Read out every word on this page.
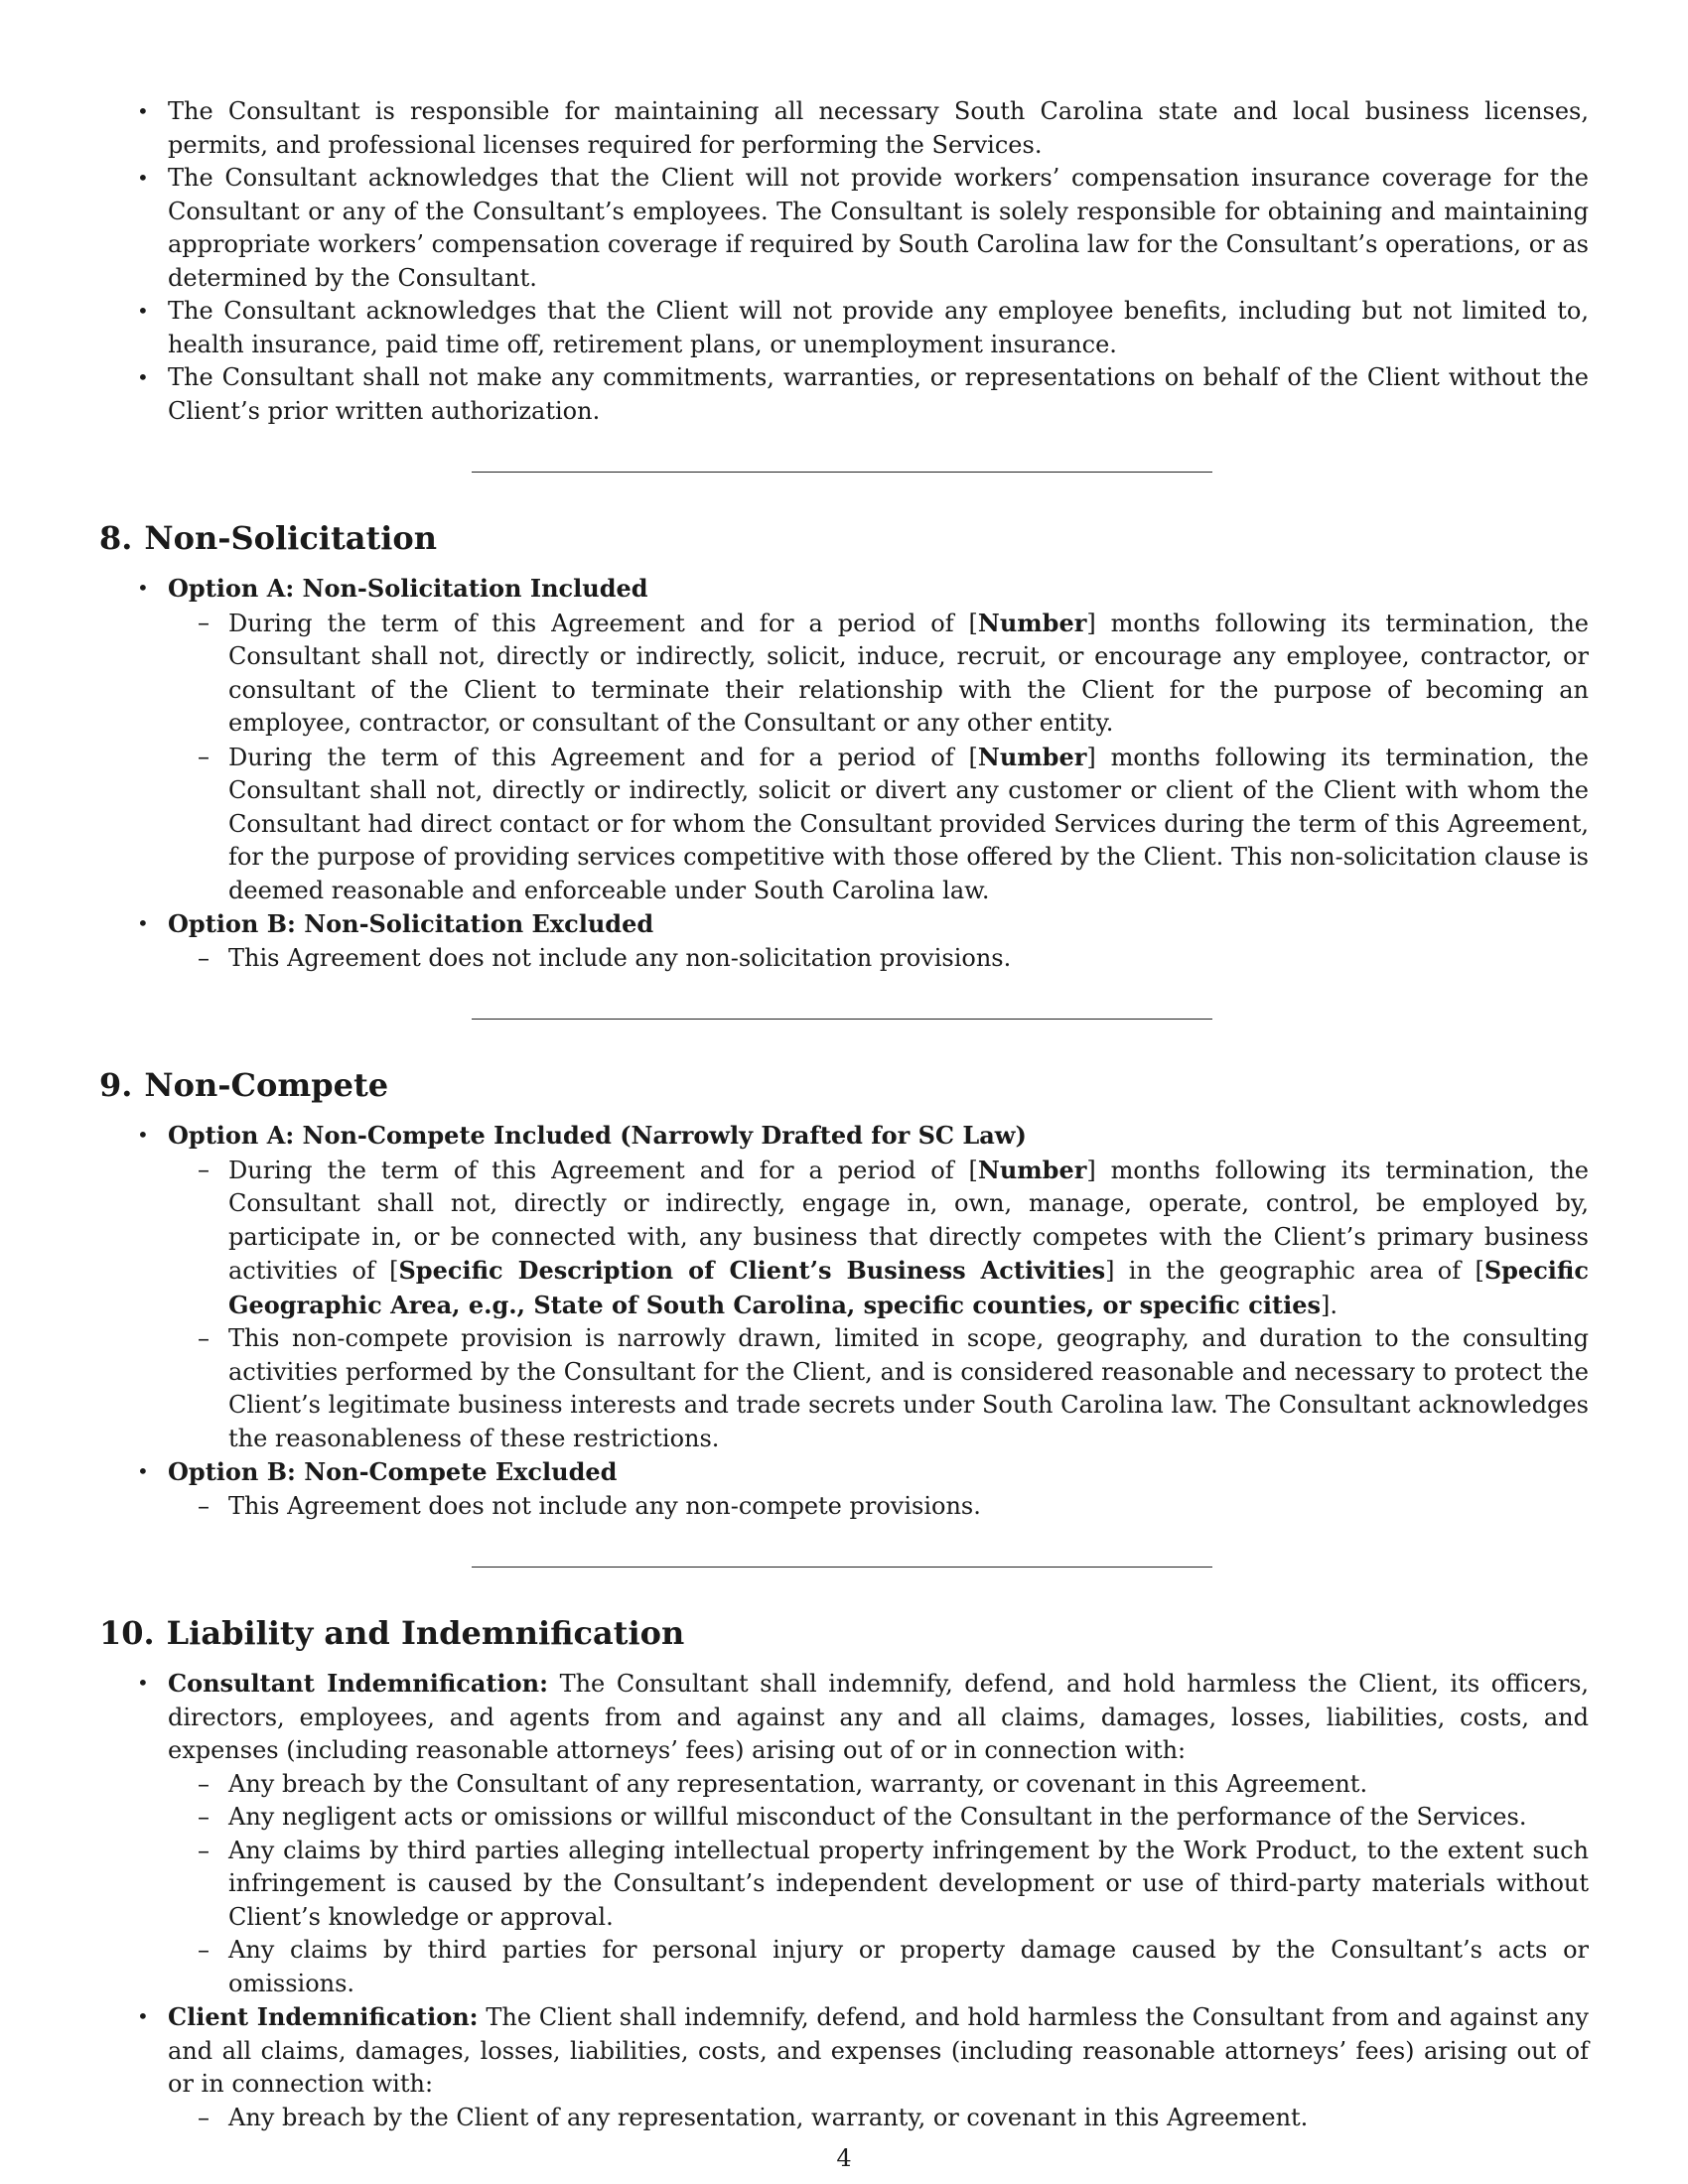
• The Consultant is responsible for maintaining all necessary South Carolina state and local business licenses, permits, and professional licenses required for performing the Services.
• The Consultant acknowledges that the Client will not provide workers’ compensation insurance coverage for the Consultant or any of the Consultant’s employees. The Consultant is solely responsible for obtaining and maintaining appropriate workers’ compensation coverage if required by South Carolina law for the Consultant’s operations, or as determined by the Consultant.
• The Consultant acknowledges that the Client will not provide any employee benefits, including but not limited to, health insurance, paid time off, retirement plans, or unemployment insurance.
• The Consultant shall not make any commitments, warranties, or representations on behalf of the Client without the Client’s prior written authorization.
8. Non-Solicitation
• Option A: Non-Solicitation Included
– During the term of this Agreement and for a period of [Number] months following its termination, the Consultant shall not, directly or indirectly, solicit, induce, recruit, or encourage any employee, contractor, or consultant of the Client to terminate their relationship with the Client for the purpose of becoming an employee, contractor, or consultant of the Consultant or any other entity.
– During the term of this Agreement and for a period of [Number] months following its termination, the Consultant shall not, directly or indirectly, solicit or divert any customer or client of the Client with whom the Consultant had direct contact or for whom the Consultant provided Services during the term of this Agreement, for the purpose of providing services competitive with those offered by the Client. This non-solicitation clause is deemed reasonable and enforceable under South Carolina law.
• Option B: Non-Solicitation Excluded
– This Agreement does not include any non-solicitation provisions.
9. Non-Compete
• Option A: Non-Compete Included (Narrowly Drafted for SC Law)
– During the term of this Agreement and for a period of [Number] months following its termination, the Consultant shall not, directly or indirectly, engage in, own, manage, operate, control, be employed by, participate in, or be connected with, any business that directly competes with the Client’s primary business activities of [Specific Description of Client’s Business Activities] in the geographic area of [Specific Geographic Area, e.g., State of South Carolina, specific counties, or specific cities].
– This non-compete provision is narrowly drawn, limited in scope, geography, and duration to the consulting activities performed by the Consultant for the Client, and is considered reasonable and necessary to protect the Client’s legitimate business interests and trade secrets under South Carolina law. The Consultant acknowledges the reasonableness of these restrictions.
• Option B: Non-Compete Excluded
– This Agreement does not include any non-compete provisions.
10. Liability and Indemnification
• Consultant Indemnification: The Consultant shall indemnify, defend, and hold harmless the Client, its officers, directors, employees, and agents from and against any and all claims, damages, losses, liabilities, costs, and expenses (including reasonable attorneys’ fees) arising out of or in connection with:
– Any breach by the Consultant of any representation, warranty, or covenant in this Agreement.
– Any negligent acts or omissions or willful misconduct of the Consultant in the performance of the Services.
– Any claims by third parties alleging intellectual property infringement by the Work Product, to the extent such infringement is caused by the Consultant’s independent development or use of third-party materials without Client’s knowledge or approval.
– Any claims by third parties for personal injury or property damage caused by the Consultant’s acts or omissions.
• Client Indemnification: The Client shall indemnify, defend, and hold harmless the Consultant from and against any and all claims, damages, losses, liabilities, costs, and expenses (including reasonable attorneys’ fees) arising out of or in connection with:
– Any breach by the Client of any representation, warranty, or covenant in this Agreement.
4
